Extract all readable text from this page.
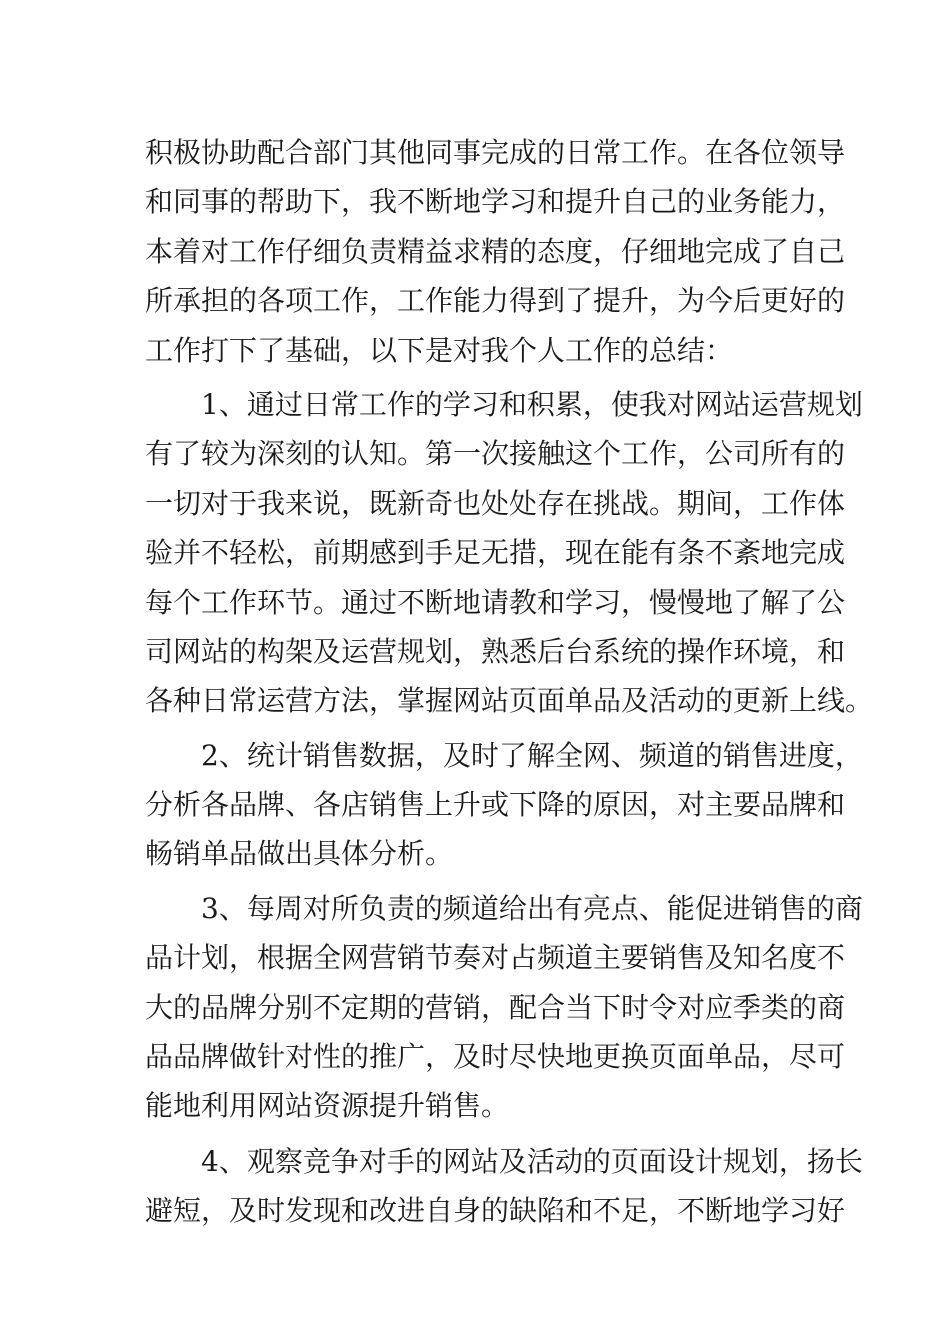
积极协助配合部门其他同事完成的日常工作。在各位领导
和同事的帮助下，我不断地学习和提升自己的业务能力，
本着对工作仔细负责精益求精的态度，仔细地完成了自己
所承担的各项工作，工作能力得到了提升，为今后更好的
工作打下了基础，以下是对我个人工作的总结：
1、通过日常工作的学习和积累，使我对网站运营规划
有了较为深刻的认知。第一次接触这个工作，公司所有的
一切对于我来说，既新奇也处处存在挑战。期间，工作体
验并不轻松，前期感到手足无措，现在能有条不紊地完成
每个工作环节。通过不断地请教和学习，慢慢地了解了公
司网站的构架及运营规划，熟悉后台系统的操作环境，和
各种日常运营方法，掌握网站页面单品及活动的更新上线。
2、统计销售数据，及时了解全网、频道的销售进度，
分析各品牌、各店销售上升或下降的原因，对主要品牌和
畅销单品做出具体分析。
3、每周对所负责的频道给出有亮点、能促进销售的商
品计划，根据全网营销节奏对占频道主要销售及知名度不
大的品牌分别不定期的营销，配合当下时令对应季类的商
品品牌做针对性的推广，及时尽快地更换页面单品，尽可
能地利用网站资源提升销售。
4、观察竞争对手的网站及活动的页面设计规划，扬长
避短，及时发现和改进自身的缺陷和不足，不断地学习好
